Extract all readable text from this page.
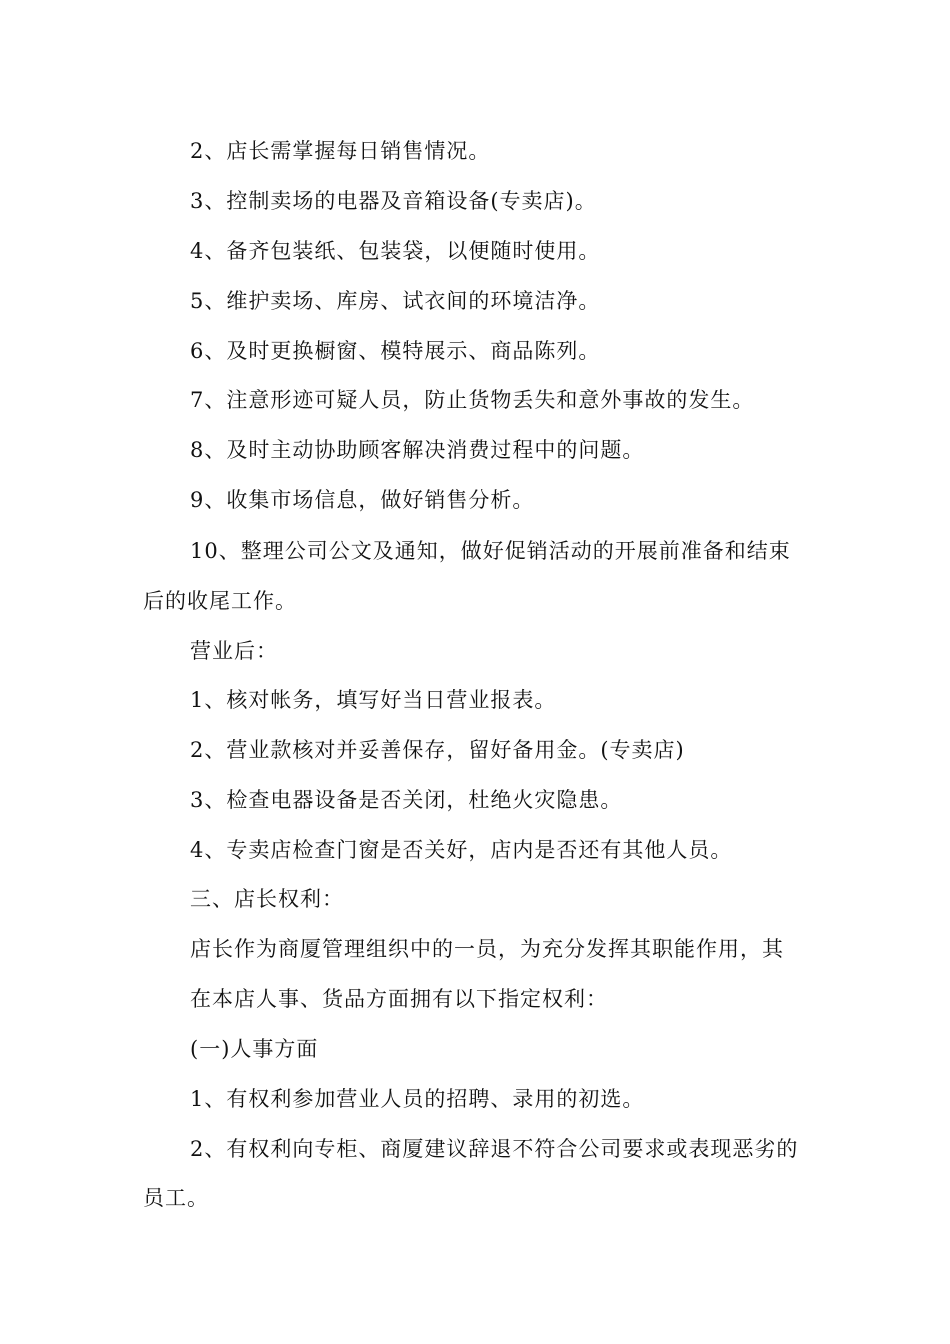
2、店长需掌握每日销售情况。

3、控制卖场的电器及音箱设备(专卖店)。

4、备齐包装纸、包装袋，以便随时使用。

5、维护卖场、库房、试衣间的环境洁净。

6、及时更换橱窗、模特展示、商品陈列。

7、注意形迹可疑人员，防止货物丢失和意外事故的发生。

8、及时主动协助顾客解决消费过程中的问题。

9、收集市场信息，做好销售分析。

10、整理公司公文及通知，做好促销活动的开展前准备和结束

后的收尾工作。

营业后：

1、核对帐务，填写好当日营业报表。

2、营业款核对并妥善保存，留好备用金。(专卖店)

3、检查电器设备是否关闭，杜绝火灾隐患。

4、专卖店检查门窗是否关好，店内是否还有其他人员。

三、店长权利：

店长作为商厦管理组织中的一员，为充分发挥其职能作用，其

在本店人事、货品方面拥有以下指定权利：

(一)人事方面

1、有权利参加营业人员的招聘、录用的初选。

2、有权利向专柜、商厦建议辞退不符合公司要求或表现恶劣的

员工。
